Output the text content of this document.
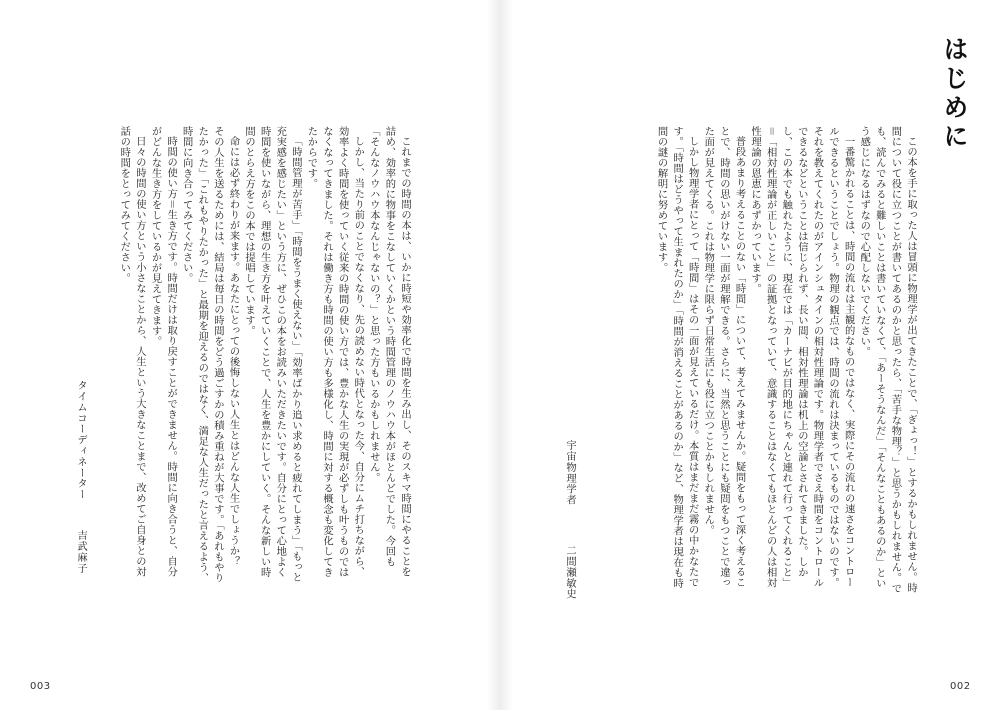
はじめに

この本を手に取った人は冒頭に物理学が出てきたことで、「ぎょっ！」とするかもしれません。時間について役に立つことが書いてあるのかと思ったら、「苦手な物理？」と思うかもしれません。でも、読んでみると難しいことは書いていなくて、「あーそうなんだ」「そんなこともあるのか」という感じになるはずなので心配しないでください。

一番驚かれることは、時間の流れは主観的なものではなく、実際にその流れの速さをコントロールできるということでしょう。物理の観点では、時間の流れは決まっているものではないのです。それを教えてくれたのがアインシュタインの相対性理論です。物理学者でさえ時間をコントロールできるなどということは信じられず、長い間、相対性理論は机上の空論とされてきました。しかし、この本でも触れたように、現在では「カーナビが目的地にちゃんと連れて行ってくれること」＝「相対性理論が正しいこと」の証拠となっていて、意識することはなくてもほとんどの人は相対性理論の恩恵にあずかっています。

普段あまり考えることのない「時間」について、考えてみませんか。疑問をもって深く考えることで、時間の思いがけない一面が理解できる。さらに、当然と思うことにも疑問をもつことで違った面が見えてくる。これは物理学に限らず日常生活にも役に立つことかもしれません。

しかし物理学者にとって「時間」はその一面が見えているだけ。本質はまだまだ霧の中かなたです。「時間はどうやって生まれたのか」「時間が消えることがあるのか」など、物理学者は現在も時間の謎の解明に努めています。

宇宙物理学者
二間瀬敏史

これまでの時間の本は、いかに時短や効率化で時間を生み出し、そのスキマ時間にやることを詰め、効率的に物事をこなしていくかという時間管理のノウハウ本がほとんどでした。今回も「そんなノウハウ本なんじゃないの？」と思った方もいるかもしれません。

しかし、当たり前のことでなくなり、先の読めない時代となった今、自分にムチ打ちながら、効率よく時間を使っていく従来の時間の使い方では、豊かな人生の実現が必ずしも叶うものではなくなってきました。それは働き方も時間の使い方も多様化し、時間に対する概念も変化してきたからです。

「時間管理が苦手」「時間をうまく使えない」「効率ばかり追い求めると疲れてしまう」「もっと充実感を感じたい」という方に、ぜひこの本をお読みいただきたいです。自分にとって心地よく時間を使いながら、理想の生き方を叶えていくことで、人生を豊かにしていく。そんな新しい時間のとらえ方をこの本では提唱しています。

命には必ず終わりが来ます。あなたにとっての後悔しない人生とはどんな人生でしょうか？　その人生を送るためには、結局は毎日の時間をどう過ごすかの積み重ねが大事です。「あれもやりたかった」「これもやりたかった」と最期を迎えるのではなく、満足な人生だったと言えるよう、時間に向き合ってみてください。

時間の使い方＝生き方です。時間だけは取り戻すことができません。時間に向き合うと、自分がどんな生き方をしているかが見えてきます。

日々の時間の使い方という小さなことから、人生という大きなことまで、改めてご自身との対話の時間をとってみてください。

タイムコーディネーター
吉武麻子
003	002
